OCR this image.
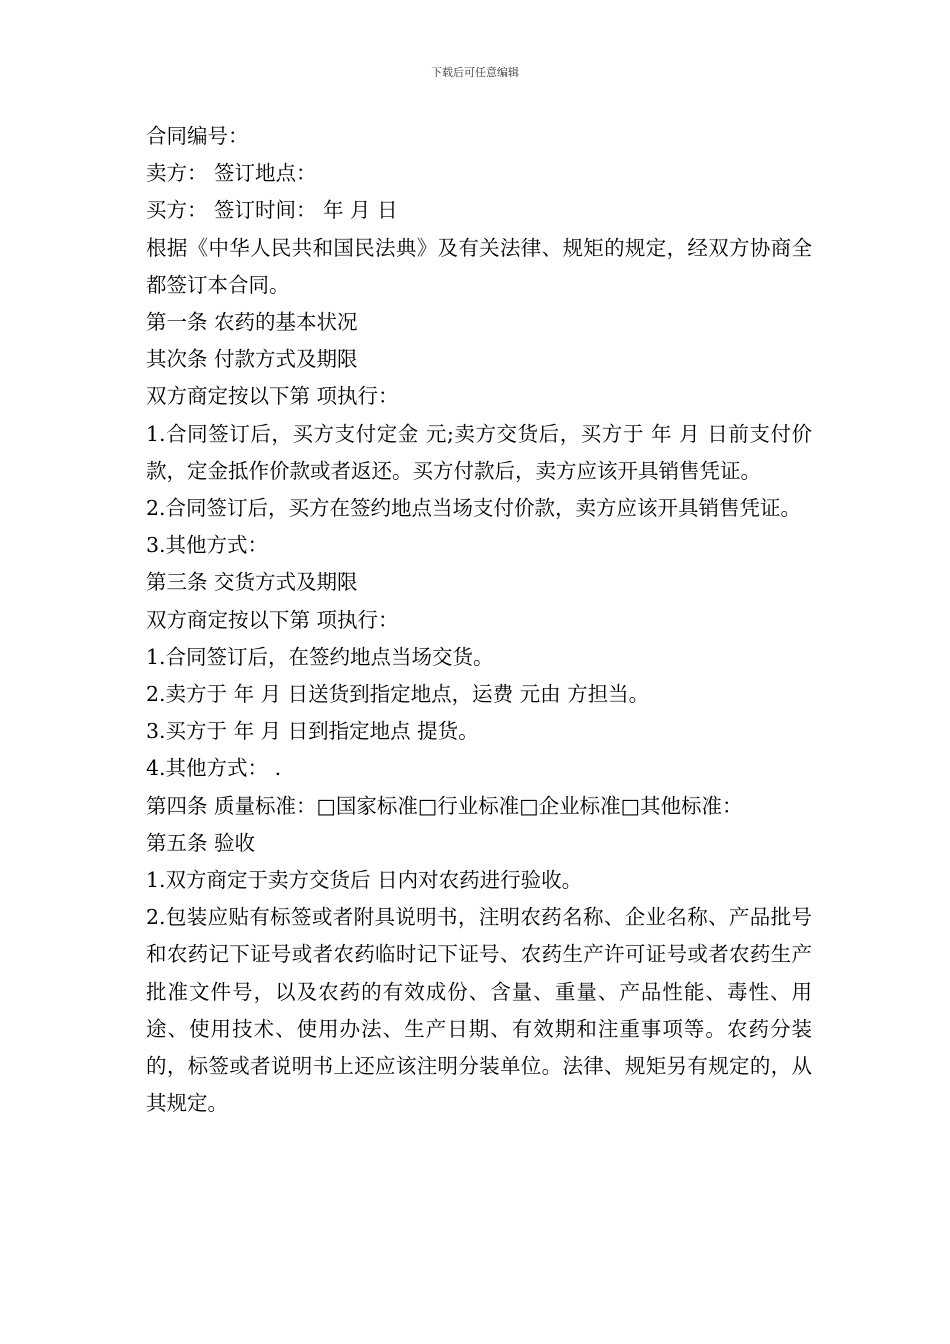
下载后可任意编辑
合同编号：
卖方： 签订地点：
买方： 签订时间： 年 月 日
根据《中华人民共和国民法典》及有关法律、规矩的规定，经双方协商全都签订本合同。
第一条 农药的基本状况
其次条 付款方式及期限
双方商定按以下第 项执行：
1.合同签订后，买方支付定金 元;卖方交货后，买方于 年 月 日前支付价款，定金抵作价款或者返还。买方付款后，卖方应该开具销售凭证。
2.合同签订后，买方在签约地点当场支付价款，卖方应该开具销售凭证。
3.其他方式：
第三条 交货方式及期限
双方商定按以下第 项执行：
1.合同签订后，在签约地点当场交货。
2.卖方于 年 月 日送货到指定地点，运费 元由 方担当。
3.买方于 年 月 日到指定地点 提货。
4.其他方式： .
第四条 质量标准：□国家标准□行业标准□企业标准□其他标准：
第五条 验收
1.双方商定于卖方交货后 日内对农药进行验收。
2.包装应贴有标签或者附具说明书，注明农药名称、企业名称、产品批号和农药记下证号或者农药临时记下证号、农药生产许可证号或者农药生产批准文件号，以及农药的有效成份、含量、重量、产品性能、毒性、用途、使用技术、使用办法、生产日期、有效期和注重事项等。农药分装的，标签或者说明书上还应该注明分装单位。法律、规矩另有规定的，从其规定。
